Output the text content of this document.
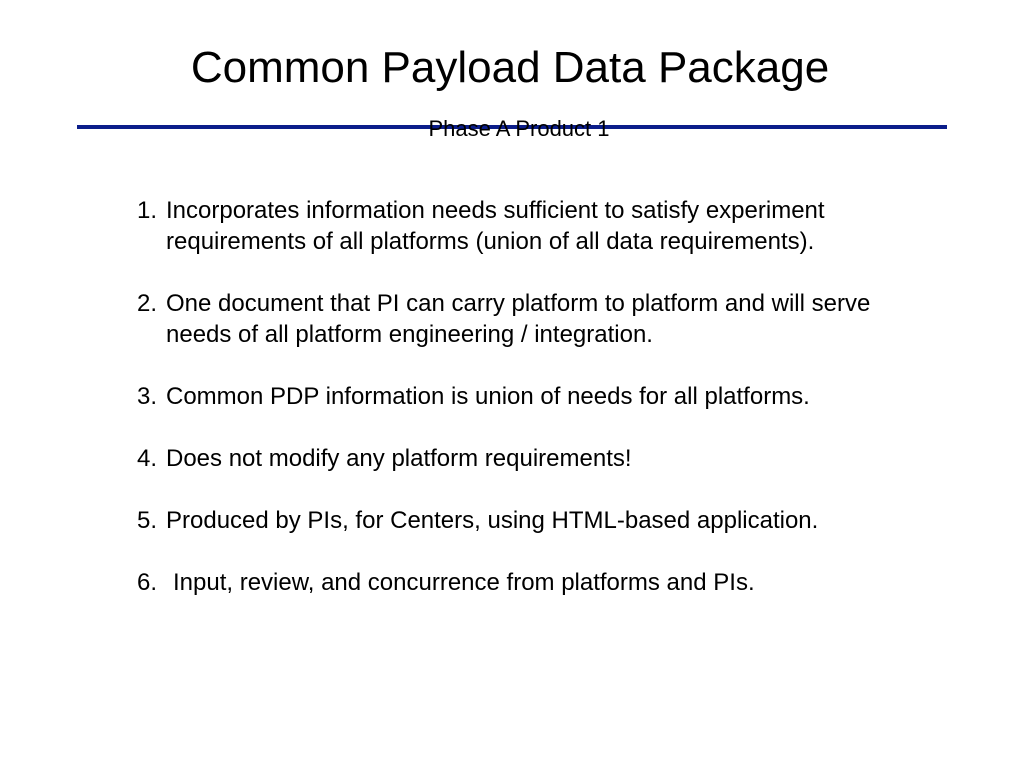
Common Payload Data Package
Phase A Product 1
1. Incorporates information needs sufficient to satisfy experiment requirements of all platforms (union of all data requirements).
2. One document that PI can carry platform to platform and will serve needs of all platform engineering / integration.
3. Common PDP information is union of needs for all platforms.
4. Does not modify any platform requirements!
5. Produced by PIs, for Centers, using HTML-based application.
6. Input, review, and concurrence from platforms and PIs.
